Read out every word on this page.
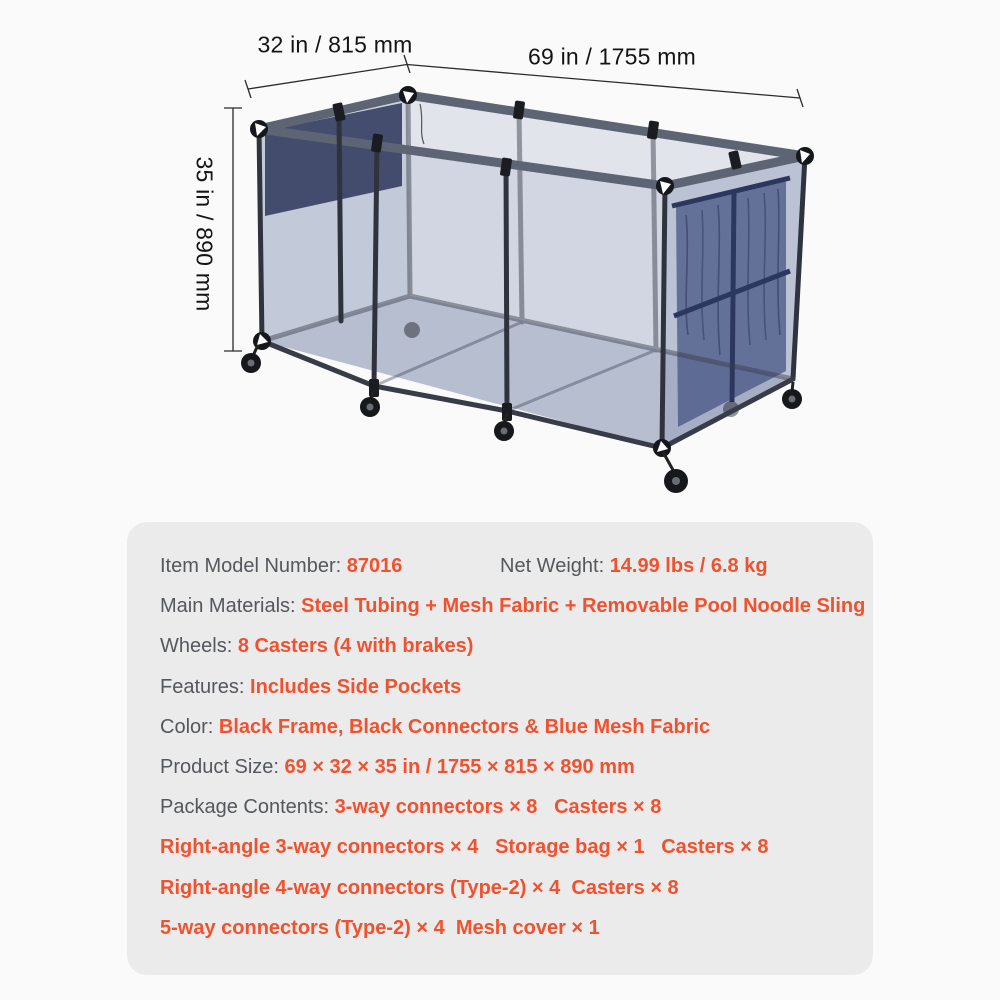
32 in / 815 mm	69 in / 1755 mm
35 in / 890 mm
Item Model Number: 87016	Net Weight: 14.99 lbs / 6.8 kg
Main Materials: Steel Tubing + Mesh Fabric + Removable Pool Noodle Sling
Wheels: 8 Casters (4 with brakes)
Features: Includes Side Pockets
Color: Black Frame, Black Connectors & Blue Mesh Fabric
Product Size: 69 × 32 × 35 in / 1755 × 815 × 890 mm
Package Contents: 3-way connectors × 8   Casters × 8
Right-angle 3-way connectors × 4   Storage bag × 1   Casters × 8
Right-angle 4-way connectors (Type-2) × 4  Casters × 8
5-way connectors (Type-2) × 4  Mesh cover × 1
